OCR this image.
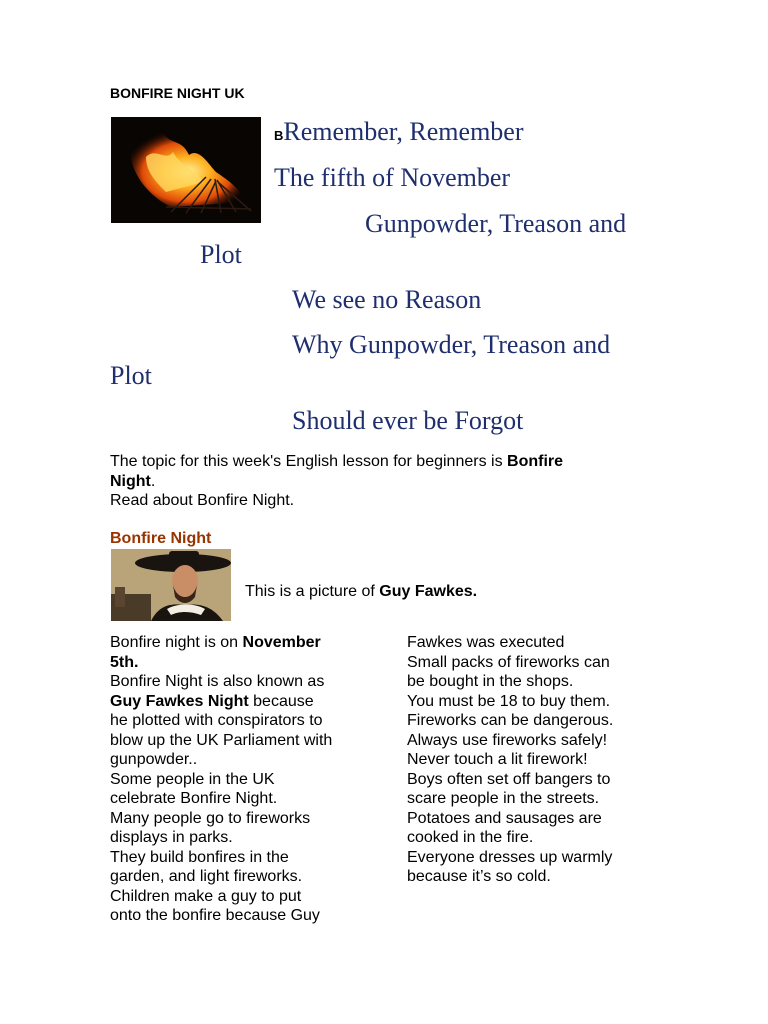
BONFIRE NIGHT UK
BRemember, Remember
The fifth of November
Gunpowder, Treason and
Plot
We see no Reason
Why Gunpowder, Treason and
Plot
Should ever be Forgot
The topic for this week's English lesson for beginners is Bonfire
Night.
Read about Bonfire Night.
Bonfire Night
This is a picture of Guy Fawkes.
Bonfire night is on November
5th.
Bonfire Night is also known as
Guy Fawkes Night because
he plotted with conspirators to
blow up the UK Parliament with
gunpowder..
Some people in the UK
celebrate Bonfire Night.
Many people go to fireworks
displays in parks.
They build bonfires in the
garden, and light fireworks.
Children make a guy to put
onto the bonfire because Guy
Fawkes was executed
Small packs of fireworks can
be bought in the shops.
You must be 18 to buy them.
Fireworks can be dangerous.
Always use fireworks safely!
Never touch a lit firework!
Boys often set off bangers to
scare people in the streets.
Potatoes and sausages are
cooked in the fire.
Everyone dresses up warmly
because it’s so cold.
